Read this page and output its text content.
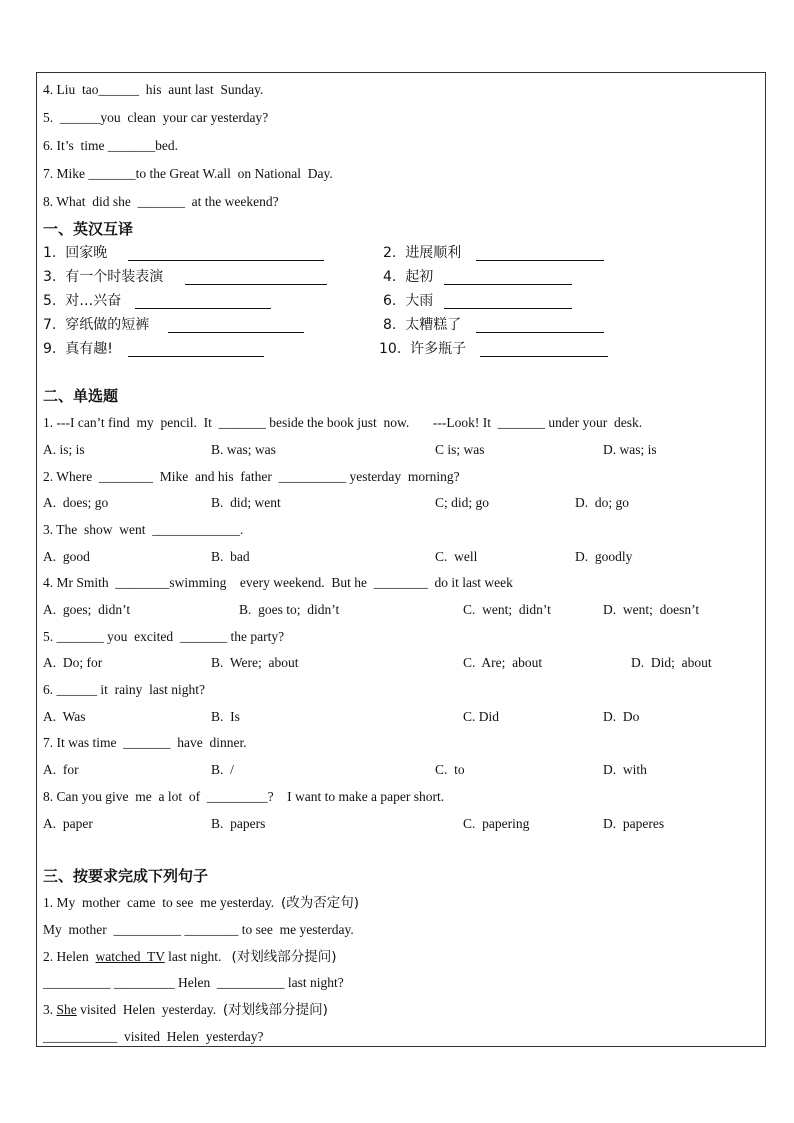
4. Liu  tao______  his  aunt last  Sunday.
5.  ______you  clean  your car yesterday?
6. It’s  time _______bed.
7. Mike _______to the Great W.all  on National  Day.
8. What  did she  _______  at the weekend?
一、英汉互译
1. 回家晚	2. 进展顺利
3. 有一个时装表演	4. 起初
5. 对…兴奋	6. 大雨
7. 穿纸做的短裤	8. 太糟糕了
9. 真有趣!	10. 许多瓶子
二、单选题
1. ---I can’t find  my  pencil.  It  _______ beside the book just  now.       ---Look! It  _______ under your  desk.
A. is; is	B. was; was	C is; was	D. was; is
2. Where  ________  Mike  and his  father  __________ yesterday  morning?
A.  does; go	B.  did; went	C; did; go	D.  do; go
3. The  show  went  _____________.
A.  good	B.  bad	C.  well	D.  goodly
4. Mr Smith  ________swimming    every weekend.  But he  ________  do it last week
A.  goes;  didn’t	B.  goes to;  didn’t	C.  went;  didn’t	D.  went;  doesn’t
5. _______ you  excited  _______ the party?
A.  Do; for	B.  Were;  about	C.  Are;  about	D.  Did;  about
6. ______ it  rainy  last night?
A.  Was	B.  Is	C. Did	D.  Do
7. It was time  _______  have  dinner.
A.  for	B.  /	C.  to	D.  with
8. Can you give  me  a lot  of  _________?    I want to make a paper short.
A.  paper	B.  papers	C.  papering	D.  paperes
三、按要求完成下列句子
1. My  mother  came  to see  me yesterday.  (改为否定句)
My  mother  __________ ________ to see  me yesterday.
2. Helen  watched  TV last night.   (对划线部分提问)
__________ _________ Helen  __________ last night?
3. She visited  Helen  yesterday.  (对划线部分提问)
___________  visited  Helen  yesterday?
